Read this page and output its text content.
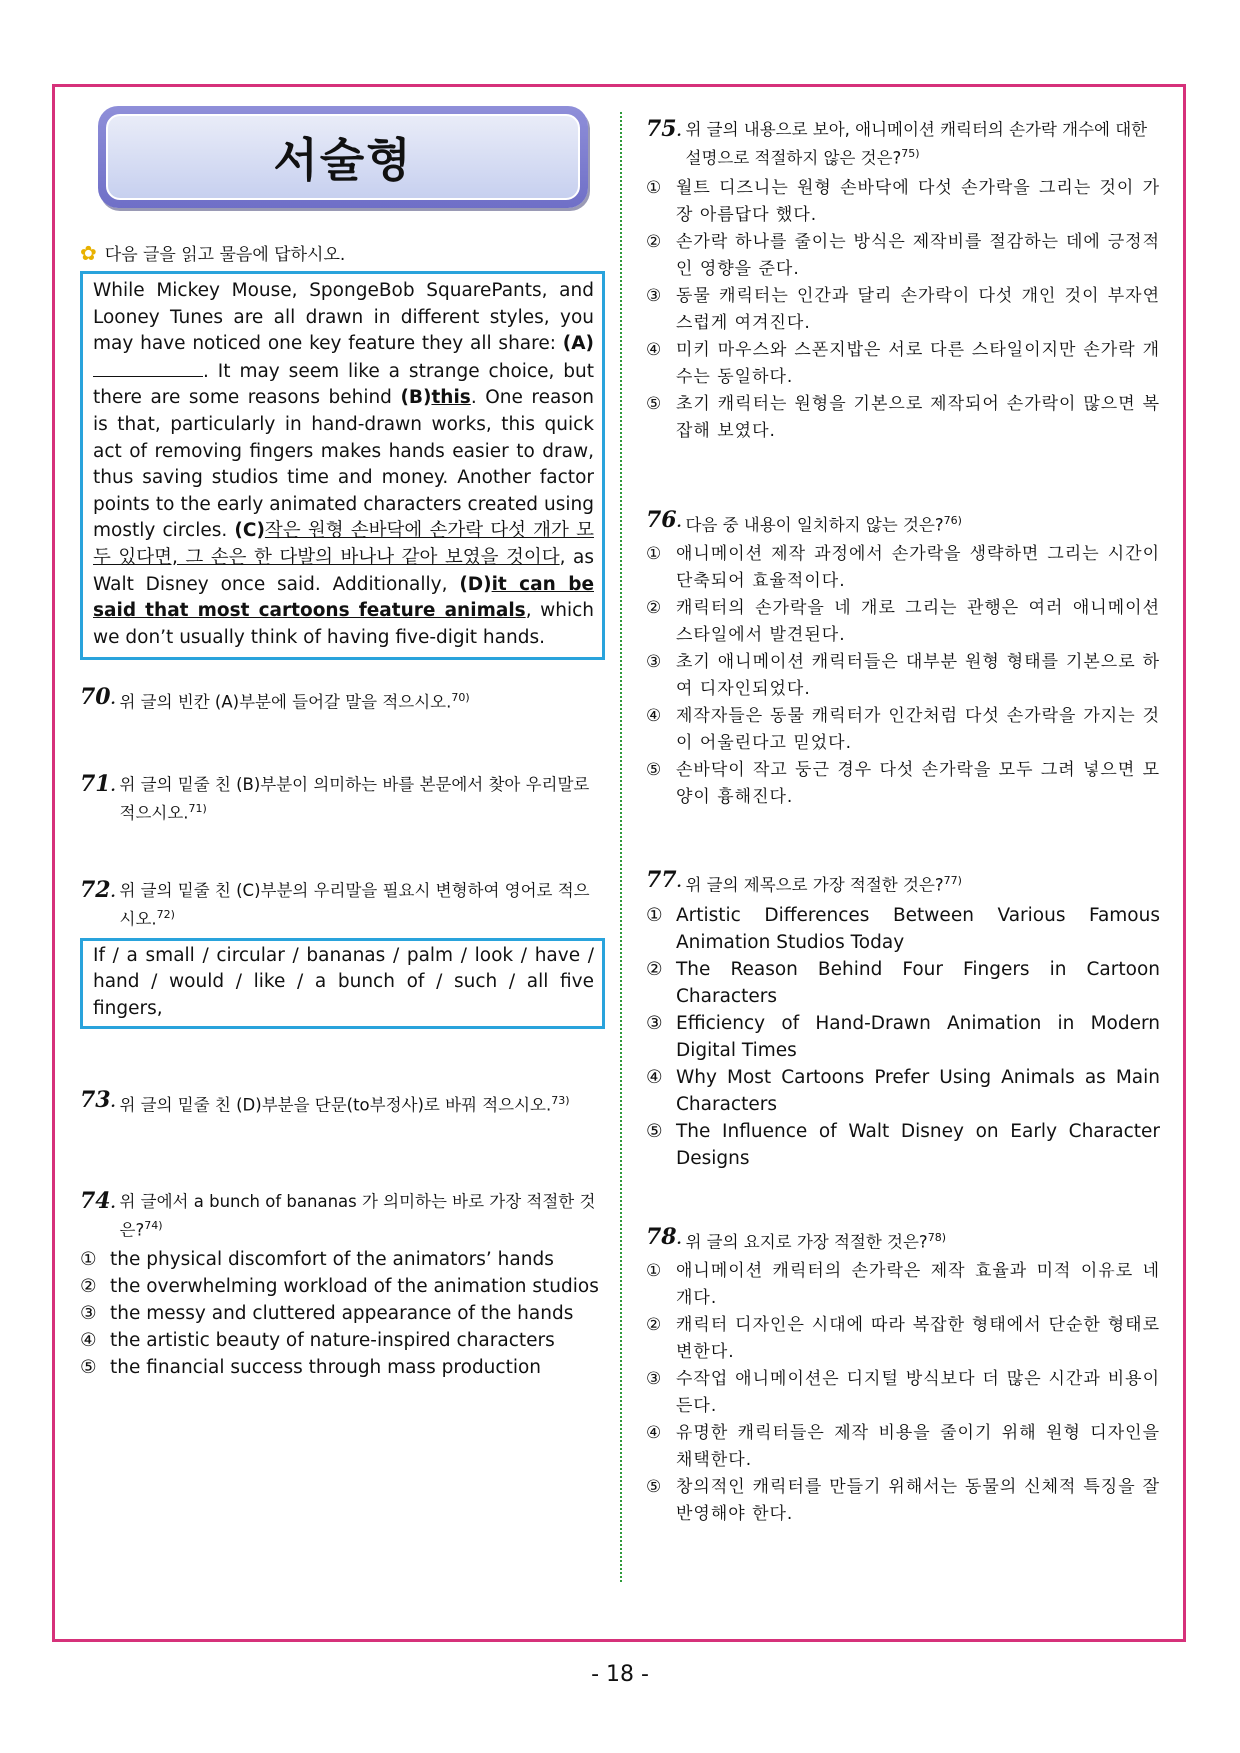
서술형
✿ 다음 글을 읽고 물음에 답하시오.
While Mickey Mouse, SpongeBob SquarePants, and Looney Tunes are all drawn in different styles, you may have noticed one key feature they all share: (A). It may seem like a strange choice, but there are some reasons behind (B)this. One reason is that, particularly in hand-drawn works, this quick act of removing fingers makes hands easier to draw, thus saving studios time and money. Another factor points to the early animated characters created using mostly circles. (C)작은 원형 손바닥에 손가락 다섯 개가 모두 있다면, 그 손은 한 다발의 바나나 같아 보였을 것이다, as Walt Disney once said. Additionally, (D)it can be said that most cartoons feature animals, which we don’t usually think of having five-digit hands.
70. 위 글의 빈칸 (A)부분에 들어갈 말을 적으시오.$^{70)}$
71. 위 글의 밑줄 친 (B)부분이 의미하는 바를 본문에서 찾아 우리말로 적으시오.$^{71)}$
72. 위 글의 밑줄 친 (C)부분의 우리말을 필요시 변형하여 영어로 적으시오.$^{72)}$
If / a small / circular / bananas / palm / look / have / hand / would / like / a bunch of / such / all five fingers,
73. 위 글의 밑줄 친 (D)부분을 단문(to부정사)로 바꿔 적으시오.$^{73)}$
74. 위 글에서 a bunch of bananas 가 의미하는 바로 가장 적절한 것은?$^{74)}$
① the physical discomfort of the animators’ hands
② the overwhelming workload of the animation studios
③ the messy and cluttered appearance of the hands
④ the artistic beauty of nature-inspired characters
⑤ the financial success through mass production
75. 위 글의 내용으로 보아, 애니메이션 캐릭터의 손가락 개수에 대한 설명으로 적절하지 않은 것은?$^{75)}$
① 월트 디즈니는 원형 손바닥에 다섯 손가락을 그리는 것이 가장 아름답다 했다.
② 손가락 하나를 줄이는 방식은 제작비를 절감하는 데에 긍정적인 영향을 준다.
③ 동물 캐릭터는 인간과 달리 손가락이 다섯 개인 것이 부자연스럽게 여겨진다.
④ 미키 마우스와 스폰지밥은 서로 다른 스타일이지만 손가락 개수는 동일하다.
⑤ 초기 캐릭터는 원형을 기본으로 제작되어 손가락이 많으면 복잡해 보였다.
76. 다음 중 내용이 일치하지 않는 것은?$^{76)}$
① 애니메이션 제작 과정에서 손가락을 생략하면 그리는 시간이 단축되어 효율적이다.
② 캐릭터의 손가락을 네 개로 그리는 관행은 여러 애니메이션 스타일에서 발견된다.
③ 초기 애니메이션 캐릭터들은 대부분 원형 형태를 기본으로 하여 디자인되었다.
④ 제작자들은 동물 캐릭터가 인간처럼 다섯 손가락을 가지는 것이 어울린다고 믿었다.
⑤ 손바닥이 작고 둥근 경우 다섯 손가락을 모두 그려 넣으면 모양이 흉해진다.
77. 위 글의 제목으로 가장 적절한 것은?$^{77)}$
① Artistic Differences Between Various Famous Animation Studios Today
② The Reason Behind Four Fingers in Cartoon Characters
③ Efficiency of Hand-Drawn Animation in Modern Digital Times
④ Why Most Cartoons Prefer Using Animals as Main Characters
⑤ The Influence of Walt Disney on Early Character Designs
78. 위 글의 요지로 가장 적절한 것은?$^{78)}$
① 애니메이션 캐릭터의 손가락은 제작 효율과 미적 이유로 네 개다.
② 캐릭터 디자인은 시대에 따라 복잡한 형태에서 단순한 형태로 변한다.
③ 수작업 애니메이션은 디지털 방식보다 더 많은 시간과 비용이 든다.
④ 유명한 캐릭터들은 제작 비용을 줄이기 위해 원형 디자인을 채택한다.
⑤ 창의적인 캐릭터를 만들기 위해서는 동물의 신체적 특징을 잘 반영해야 한다.
- 18 -
